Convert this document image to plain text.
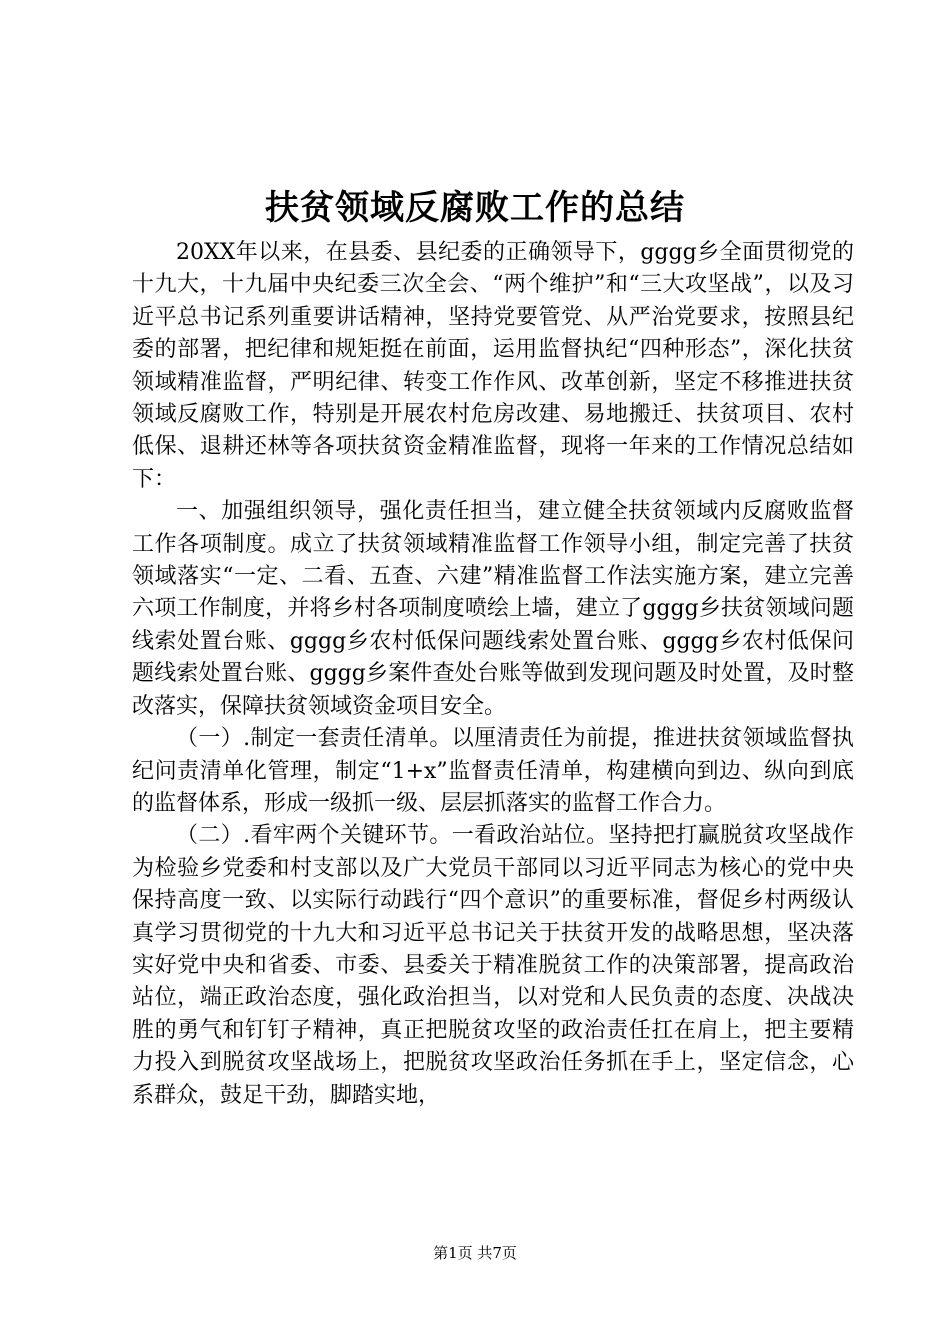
扶贫领域反腐败工作的总结

20XX年以来，在县委、县纪委的正确领导下，gggg乡全面贯彻党的十九大，十九届中央纪委三次全会、“两个维护”和“三大攻坚战”，以及习近平总书记系列重要讲话精神，坚持党要管党、从严治党要求，按照县纪委的部署，把纪律和规矩挺在前面，运用监督执纪“四种形态”，深化扶贫领域精准监督，严明纪律、转变工作作风、改革创新，坚定不移推进扶贫领域反腐败工作，特别是开展农村危房改建、易地搬迁、扶贫项目、农村低保、退耕还林等各项扶贫资金精准监督，现将一年来的工作情况总结如下：

一、加强组织领导，强化责任担当，建立健全扶贫领域内反腐败监督工作各项制度。成立了扶贫领域精准监督工作领导小组，制定完善了扶贫领域落实“一定、二看、五查、六建”精准监督工作法实施方案，建立完善六项工作制度，并将乡村各项制度喷绘上墙，建立了gggg乡扶贫领域问题线索处置台账、gggg乡农村低保问题线索处置台账、gggg乡农村低保问题线索处置台账、gggg乡案件查处台账等做到发现问题及时处置，及时整改落实，保障扶贫领域资金项目安全。

（一）.制定一套责任清单。以厘清责任为前提，推进扶贫领域监督执纪问责清单化管理，制定“1+x”监督责任清单，构建横向到边、纵向到底的监督体系，形成一级抓一级、层层抓落实的监督工作合力。

（二）.看牢两个关键环节。一看政治站位。坚持把打赢脱贫攻坚战作为检验乡党委和村支部以及广大党员干部同以习近平同志为核心的党中央保持高度一致、以实际行动践行“四个意识”的重要标准，督促乡村两级认真学习贯彻党的十九大和习近平总书记关于扶贫开发的战略思想，坚决落实好党中央和省委、市委、县委关于精准脱贫工作的决策部署，提高政治站位，端正政治态度，强化政治担当，以对党和人民负责的态度、决战决胜的勇气和钉钉子精神，真正把脱贫攻坚的政治责任扛在肩上，把主要精力投入到脱贫攻坚战场上，把脱贫攻坚政治任务抓在手上，坚定信念，心系群众，鼓足干劲，脚踏实地，

第1页 共7页
